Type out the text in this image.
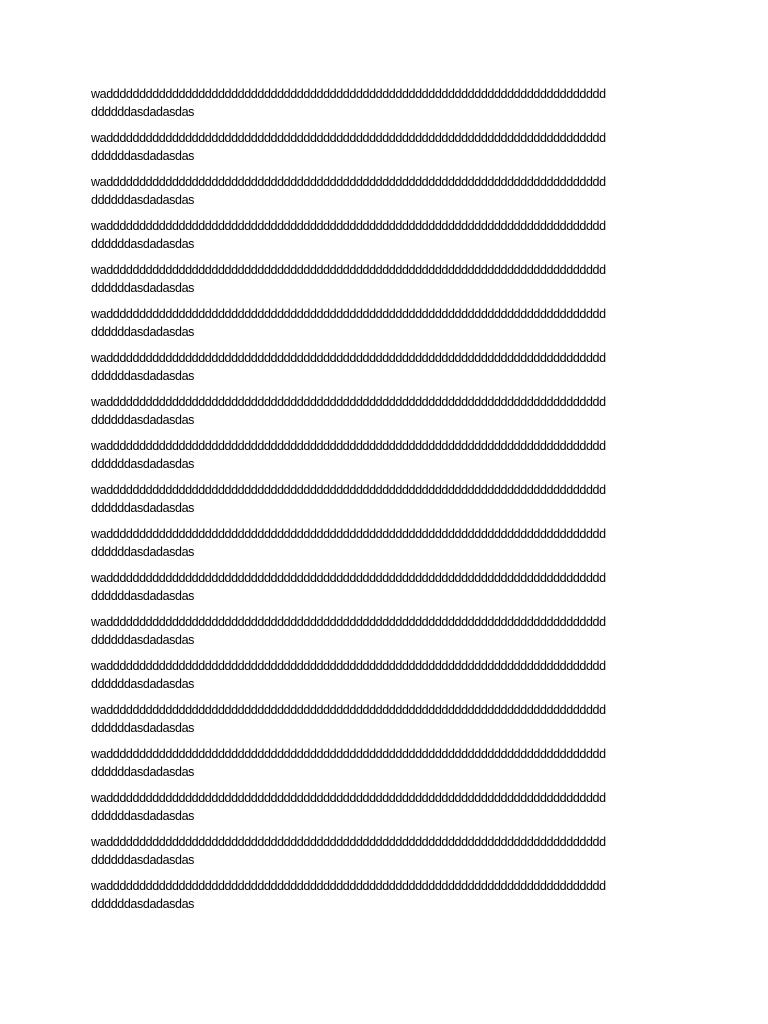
wadddddddddddddddddddddddddddddddddddddddddddddddddddddddddddddddddddddddddddd
ddddddasdadasdas

wadddddddddddddddddddddddddddddddddddddddddddddddddddddddddddddddddddddddddddd
ddddddasdadasdas

wadddddddddddddddddddddddddddddddddddddddddddddddddddddddddddddddddddddddddddd
ddddddasdadasdas

wadddddddddddddddddddddddddddddddddddddddddddddddddddddddddddddddddddddddddddd
ddddddasdadasdas

wadddddddddddddddddddddddddddddddddddddddddddddddddddddddddddddddddddddddddddd
ddddddasdadasdas

wadddddddddddddddddddddddddddddddddddddddddddddddddddddddddddddddddddddddddddd
ddddddasdadasdas

wadddddddddddddddddddddddddddddddddddddddddddddddddddddddddddddddddddddddddddd
ddddddasdadasdas

wadddddddddddddddddddddddddddddddddddddddddddddddddddddddddddddddddddddddddddd
ddddddasdadasdas

wadddddddddddddddddddddddddddddddddddddddddddddddddddddddddddddddddddddddddddd
ddddddasdadasdas

wadddddddddddddddddddddddddddddddddddddddddddddddddddddddddddddddddddddddddddd
ddddddasdadasdas

wadddddddddddddddddddddddddddddddddddddddddddddddddddddddddddddddddddddddddddd
ddddddasdadasdas

wadddddddddddddddddddddddddddddddddddddddddddddddddddddddddddddddddddddddddddd
ddddddasdadasdas

wadddddddddddddddddddddddddddddddddddddddddddddddddddddddddddddddddddddddddddd
ddddddasdadasdas

wadddddddddddddddddddddddddddddddddddddddddddddddddddddddddddddddddddddddddddd
ddddddasdadasdas

wadddddddddddddddddddddddddddddddddddddddddddddddddddddddddddddddddddddddddddd
ddddddasdadasdas

wadddddddddddddddddddddddddddddddddddddddddddddddddddddddddddddddddddddddddddd
ddddddasdadasdas

wadddddddddddddddddddddddddddddddddddddddddddddddddddddddddddddddddddddddddddd
ddddddasdadasdas

wadddddddddddddddddddddddddddddddddddddddddddddddddddddddddddddddddddddddddddd
ddddddasdadasdas

wadddddddddddddddddddddddddddddddddddddddddddddddddddddddddddddddddddddddddddd
ddddddasdadasdas
